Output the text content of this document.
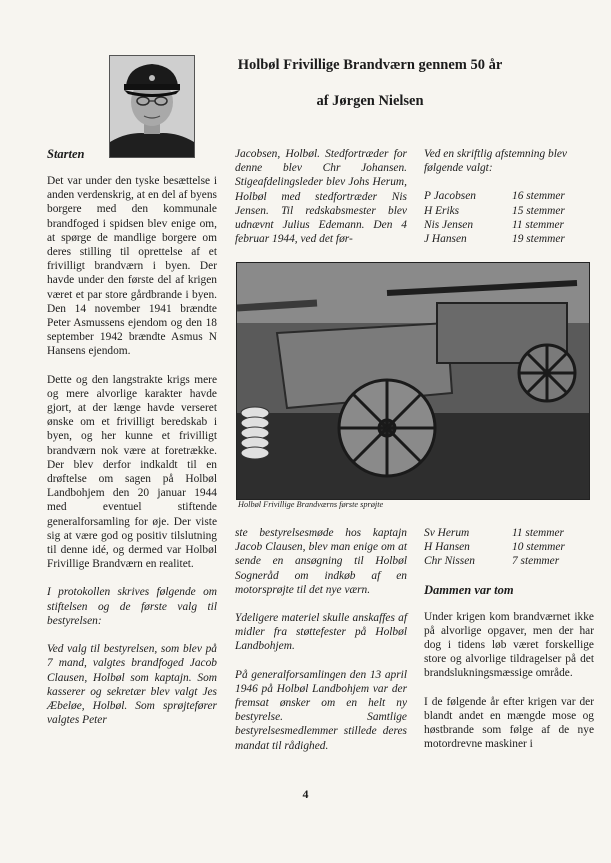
Holbøl Frivillige Brandværn gennem 50 år
af Jørgen Nielsen
Starten

Det var under den tyske besættelse i anden verdenskrig, at en del af byens borgere med den kommunale brandfoged i spidsen blev enige om, at spørge de mandlige borgere om deres stilling til oprettelse af et frivilligt brandværn i byen. Der havde under den første del af krigen været et par store gårdbrande i byen. Den 14 november 1941 brændte Peter Asmussens ejendom og den 18 september 1942 brændte Asmus N Hansens ejendom.

Dette og den langstrakte krigs mere og mere alvorlige karakter havde gjort, at der længe havde verseret ønske om et frivilligt beredskab i byen, og her kunne et frivilligt brandværn nok være at foretrække. Der blev derfor indkaldt til en drøftelse om sagen på Holbøl Landbohjem den 20 januar 1944 med eventuel stiftende generalforsamling for øje. Der viste sig at være god og positiv tilslutning til denne idé, og dermed var Holbøl Frivillige Brandværn en realitet.

I protokollen skrives følgende om stiftelsen og de første valg til bestyrelsen:

Ved valg til bestyrelsen, som blev på 7 mand, valgtes brandfoged Jacob Clausen, Holbøl som kaptajn. Som kasserer og sekretær blev valgt Jes Æbeløe, Holbøl. Som sprøjtefører valgtes Peter

Jacobsen, Holbøl. Stedfortræder for denne blev Chr Johansen. Stigeafdelingsleder blev Johs Herum, Holbøl med stedfortræder Nis Jensen. Til redskabsmester blev udnævnt Julius Edemann. Den 4 februar 1944, ved det før-

Ved en skriftlig afstemning blev følgende valgt:

P Jacobsen	16 stemmer
H Eriks	15 stemmer
Nis Jensen	11 stemmer
J Hansen	19 stemmer
Holbøl Frivillige Brandværns første sprøjte

ste bestyrelsesmøde hos kaptajn Jacob Clausen, blev man enige om at sende en ansøgning til Holbøl Sogneråd om indkøb af en motorsprøjte til det nye værn.

Ydeligere materiel skulle anskaffes af midler fra støttefester på Holbøl Landbohjem.

På generalforsamlingen den 13 april 1946 på Holbøl Landbohjem var der fremsat ønsker om en helt ny bestyrelse. Samtlige bestyrelsesmedlemmer stillede deres mandat til rådighed.

Sv Herum	11 stemmer
H Hansen	10 stemmer
Chr Nissen	7 stemmer
Dammen var tom

Under krigen kom brandværnet ikke på alvorlige opgaver, men der har dog i tidens løb været forskellige store og alvorlige tildragelser på det brandslukningsmæssige område.

I de følgende år efter krigen var der blandt andet en mængde mose og høstbrande som følge af de nye motordrevne maskiner i

4
